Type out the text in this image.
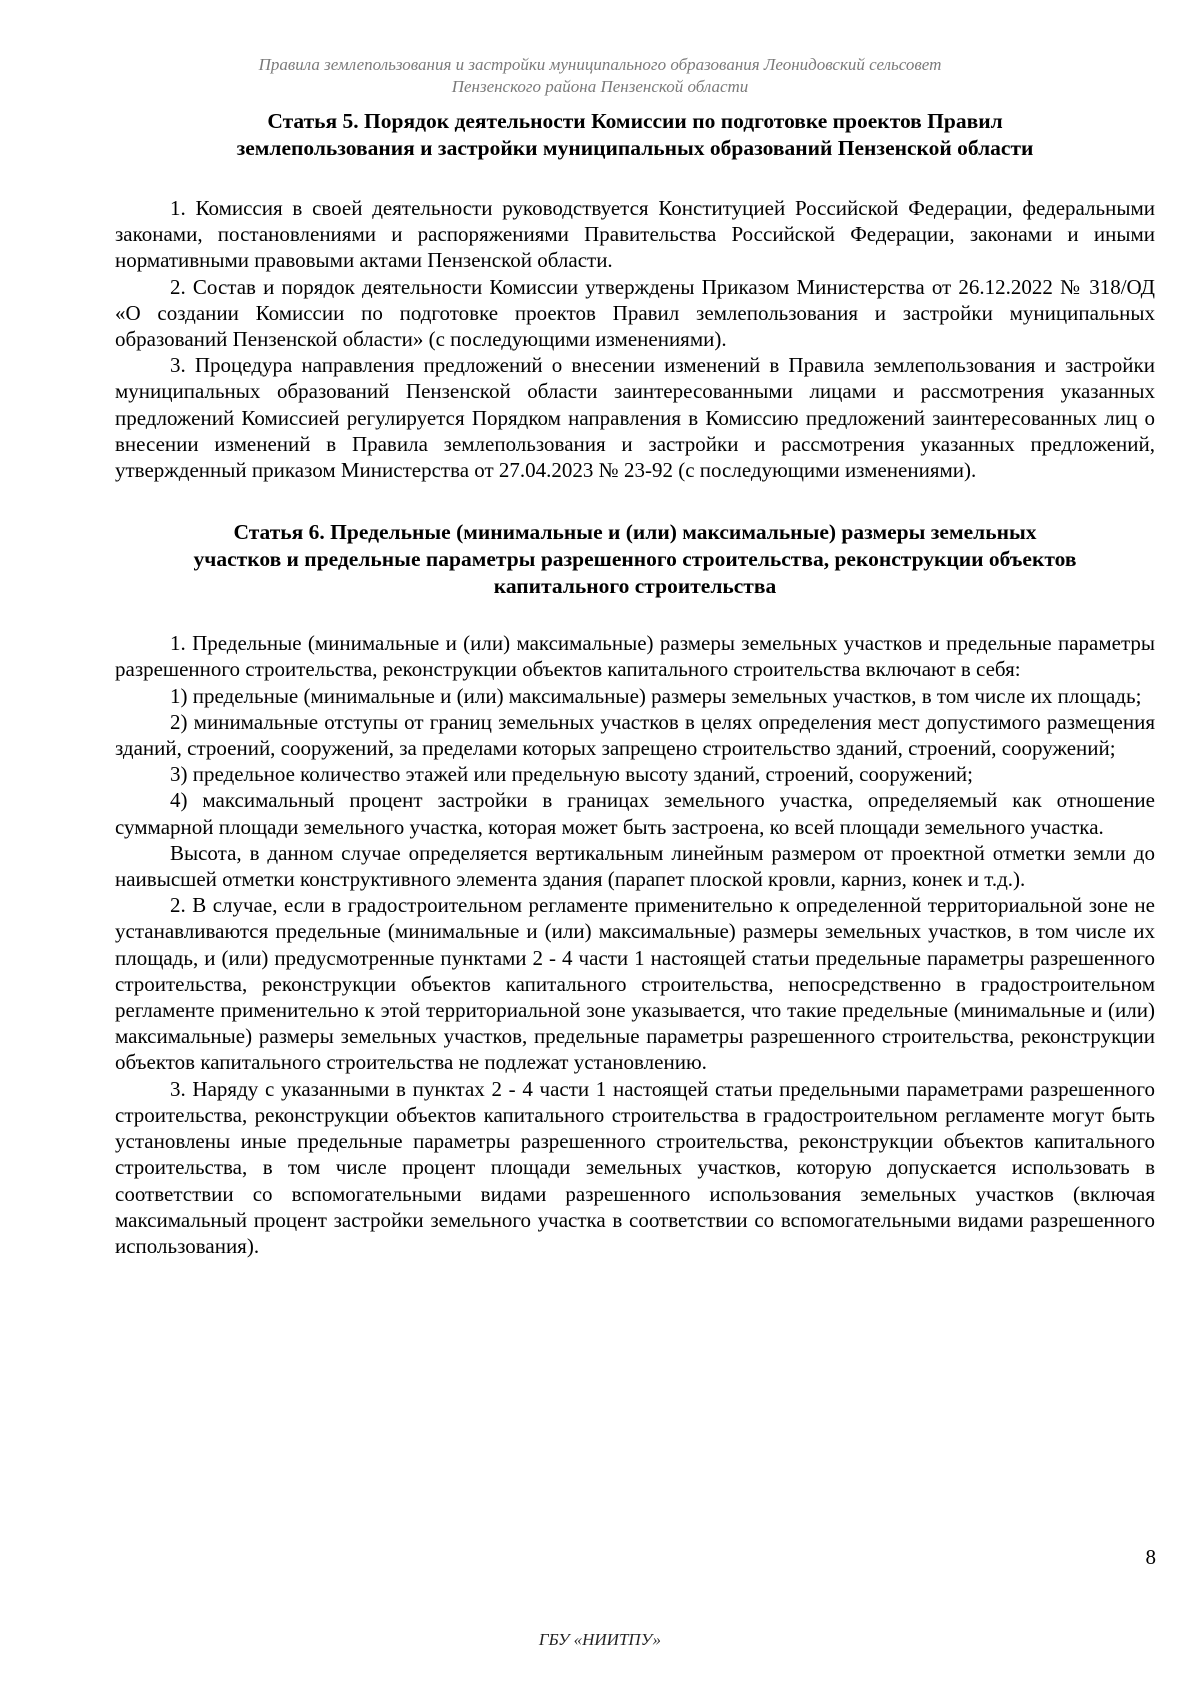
Правила землепользования и застройки муниципального образования Леонидовский сельсовет
Пензенского района Пензенской области
Статья 5. Порядок деятельности Комиссии по подготовке проектов Правил
землепользования и застройки муниципальных образований Пензенской области

1. Комиссия в своей деятельности руководствуется Конституцией Российской Федерации, федеральными законами, постановлениями и распоряжениями Правительства Российской Федерации, законами и иными нормативными правовыми актами Пензенской области.

2. Состав и порядок деятельности Комиссии утверждены Приказом Министерства от 26.12.2022 № 318/ОД «О создании Комиссии по подготовке проектов Правил землепользования и застройки муниципальных образований Пензенской области» (с последующими изменениями).

3. Процедура направления предложений о внесении изменений в Правила землепользования и застройки муниципальных образований Пензенской области заинтересованными лицами и рассмотрения указанных предложений Комиссией регулируется Порядком направления в Комиссию предложений заинтересованных лиц о внесении изменений в Правила землепользования и застройки и рассмотрения указанных предложений, утвержденный приказом Министерства от 27.04.2023 № 23-92 (с последующими изменениями).

Статья 6. Предельные (минимальные и (или) максимальные) размеры земельных
участков и предельные параметры разрешенного строительства, реконструкции объектов
капитального строительства

1. Предельные (минимальные и (или) максимальные) размеры земельных участков и предельные параметры разрешенного строительства, реконструкции объектов капитального строительства включают в себя:

1) предельные (минимальные и (или) максимальные) размеры земельных участков, в том числе их площадь;

2) минимальные отступы от границ земельных участков в целях определения мест допустимого размещения зданий, строений, сооружений, за пределами которых запрещено строительство зданий, строений, сооружений;

3) предельное количество этажей или предельную высоту зданий, строений, сооружений;

4) максимальный процент застройки в границах земельного участка, определяемый как отношение суммарной площади земельного участка, которая может быть застроена, ко всей площади земельного участка.

Высота, в данном случае определяется вертикальным линейным размером от проектной отметки земли до наивысшей отметки конструктивного элемента здания (парапет плоской кровли, карниз, конек и т.д.).

2. В случае, если в градостроительном регламенте применительно к определенной территориальной зоне не устанавливаются предельные (минимальные и (или) максимальные) размеры земельных участков, в том числе их площадь, и (или) предусмотренные пунктами 2 - 4 части 1 настоящей статьи предельные параметры разрешенного строительства, реконструкции объектов капитального строительства, непосредственно в градостроительном регламенте применительно к этой территориальной зоне указывается, что такие предельные (минимальные и (или) максимальные) размеры земельных участков, предельные параметры разрешенного строительства, реконструкции объектов капитального строительства не подлежат установлению.

3. Наряду с указанными в пунктах 2 - 4 части 1 настоящей статьи предельными параметрами разрешенного строительства, реконструкции объектов капитального строительства в градостроительном регламенте могут быть установлены иные предельные параметры разрешенного строительства, реконструкции объектов капитального строительства, в том числе процент площади земельных участков, которую допускается использовать в соответствии со вспомогательными видами разрешенного использования земельных участков (включая максимальный процент застройки земельного участка в соответствии со вспомогательными видами разрешенного использования).

8
ГБУ «НИИТПУ»
